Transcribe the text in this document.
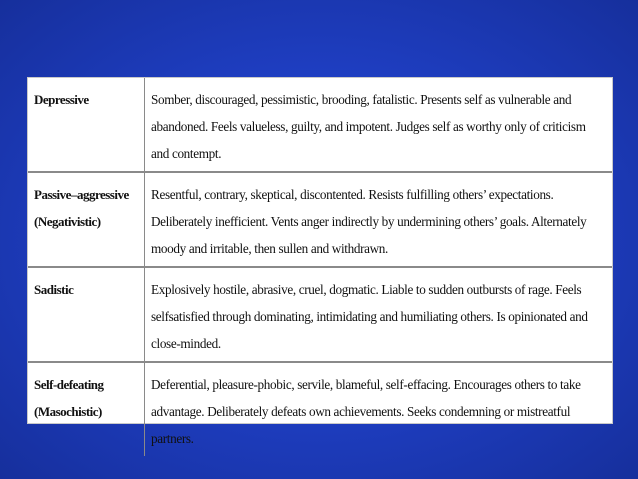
Depressive	Somber, discouraged, pessimistic, brooding, fatalistic. Presents self as vulnerable and abandoned. Feels valueless, guilty, and impotent. Judges self as worthy only of criticism and contempt.

Passive–aggressive
(Negativistic)	Resentful, contrary, skeptical, discontented. Resists fulfilling others’ expectations. Deliberately inefficient. Vents anger indirectly by undermining others’ goals. Alternately moody and irritable, then sullen and withdrawn.

Sadistic	Explosively hostile, abrasive, cruel, dogmatic. Liable to sudden outbursts of rage. Feels selfsatisfied through dominating, intimidating and humiliating others. Is opinionated and close-minded.

Self-defeating
(Masochistic)	Deferential, pleasure-phobic, servile, blameful, self-effacing. Encourages others to take advantage. Deliberately defeats own achievements. Seeks condemning or mistreatful partners.
